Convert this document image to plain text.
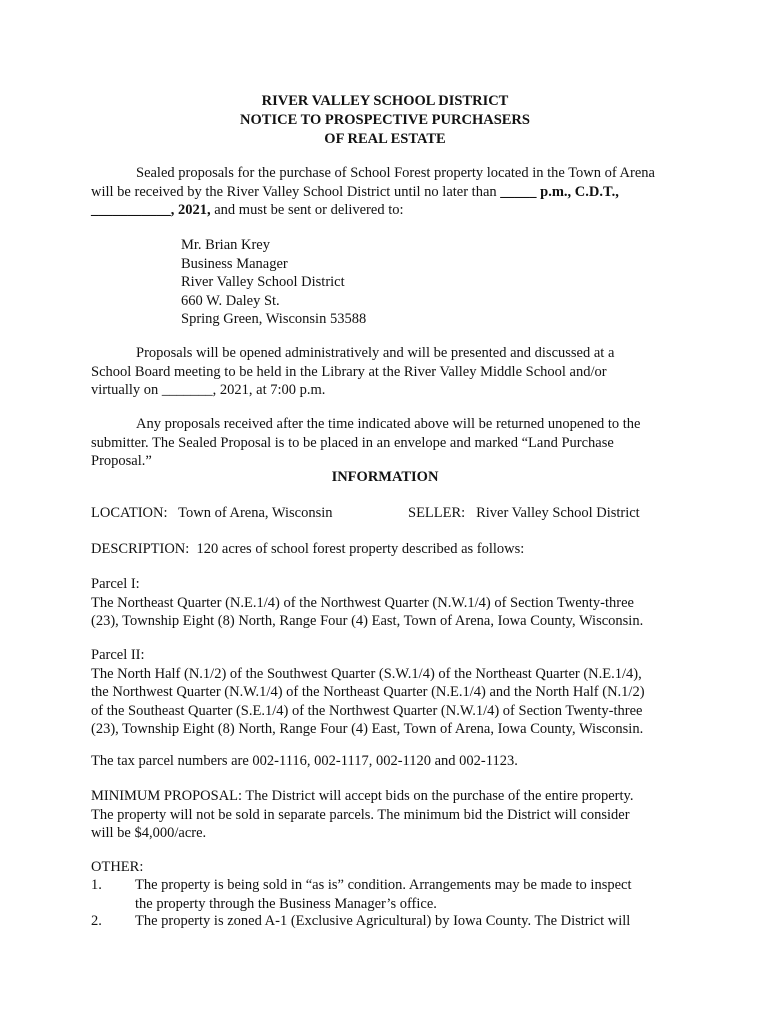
RIVER VALLEY SCHOOL DISTRICT
NOTICE TO PROSPECTIVE PURCHASERS
OF REAL ESTATE
Sealed proposals for the purchase of School Forest property located in the Town of Arena
will be received by the River Valley School District until no later than _____ p.m., C.D.T.,
___________, 2021, and must be sent or delivered to:
Mr. Brian Krey
Business Manager
River Valley School District
660 W. Daley St.
Spring Green, Wisconsin 53588
Proposals will be opened administratively and will be presented and discussed at a
School Board meeting to be held in the Library at the River Valley Middle School and/or
virtually on _______, 2021, at 7:00 p.m.
Any proposals received after the time indicated above will be returned unopened to the
submitter. The Sealed Proposal is to be placed in an envelope and marked “Land Purchase
Proposal.”
INFORMATION
LOCATION:   Town of Arena, Wisconsin	SELLER:   River Valley School District
DESCRIPTION:  120 acres of school forest property described as follows:
Parcel I:
The Northeast Quarter (N.E.1/4) of the Northwest Quarter (N.W.1/4) of Section Twenty-three
(23), Township Eight (8) North, Range Four (4) East, Town of Arena, Iowa County, Wisconsin.
Parcel II:
The North Half (N.1/2) of the Southwest Quarter (S.W.1/4) of the Northeast Quarter (N.E.1/4),
the Northwest Quarter (N.W.1/4) of the Northeast Quarter (N.E.1/4) and the North Half (N.1/2)
of the Southeast Quarter (S.E.1/4) of the Northwest Quarter (N.W.1/4) of Section Twenty-three
(23), Township Eight (8) North, Range Four (4) East, Town of Arena, Iowa County, Wisconsin.
The tax parcel numbers are 002-1116, 002-1117, 002-1120 and 002-1123.
MINIMUM PROPOSAL: The District will accept bids on the purchase of the entire property.
The property will not be sold in separate parcels. The minimum bid the District will consider
will be $4,000/acre.
OTHER:
1. The property is being sold in “as is” condition. Arrangements may be made to inspect
the property through the Business Manager’s office.
2. The property is zoned A-1 (Exclusive Agricultural) by Iowa County. The District will
